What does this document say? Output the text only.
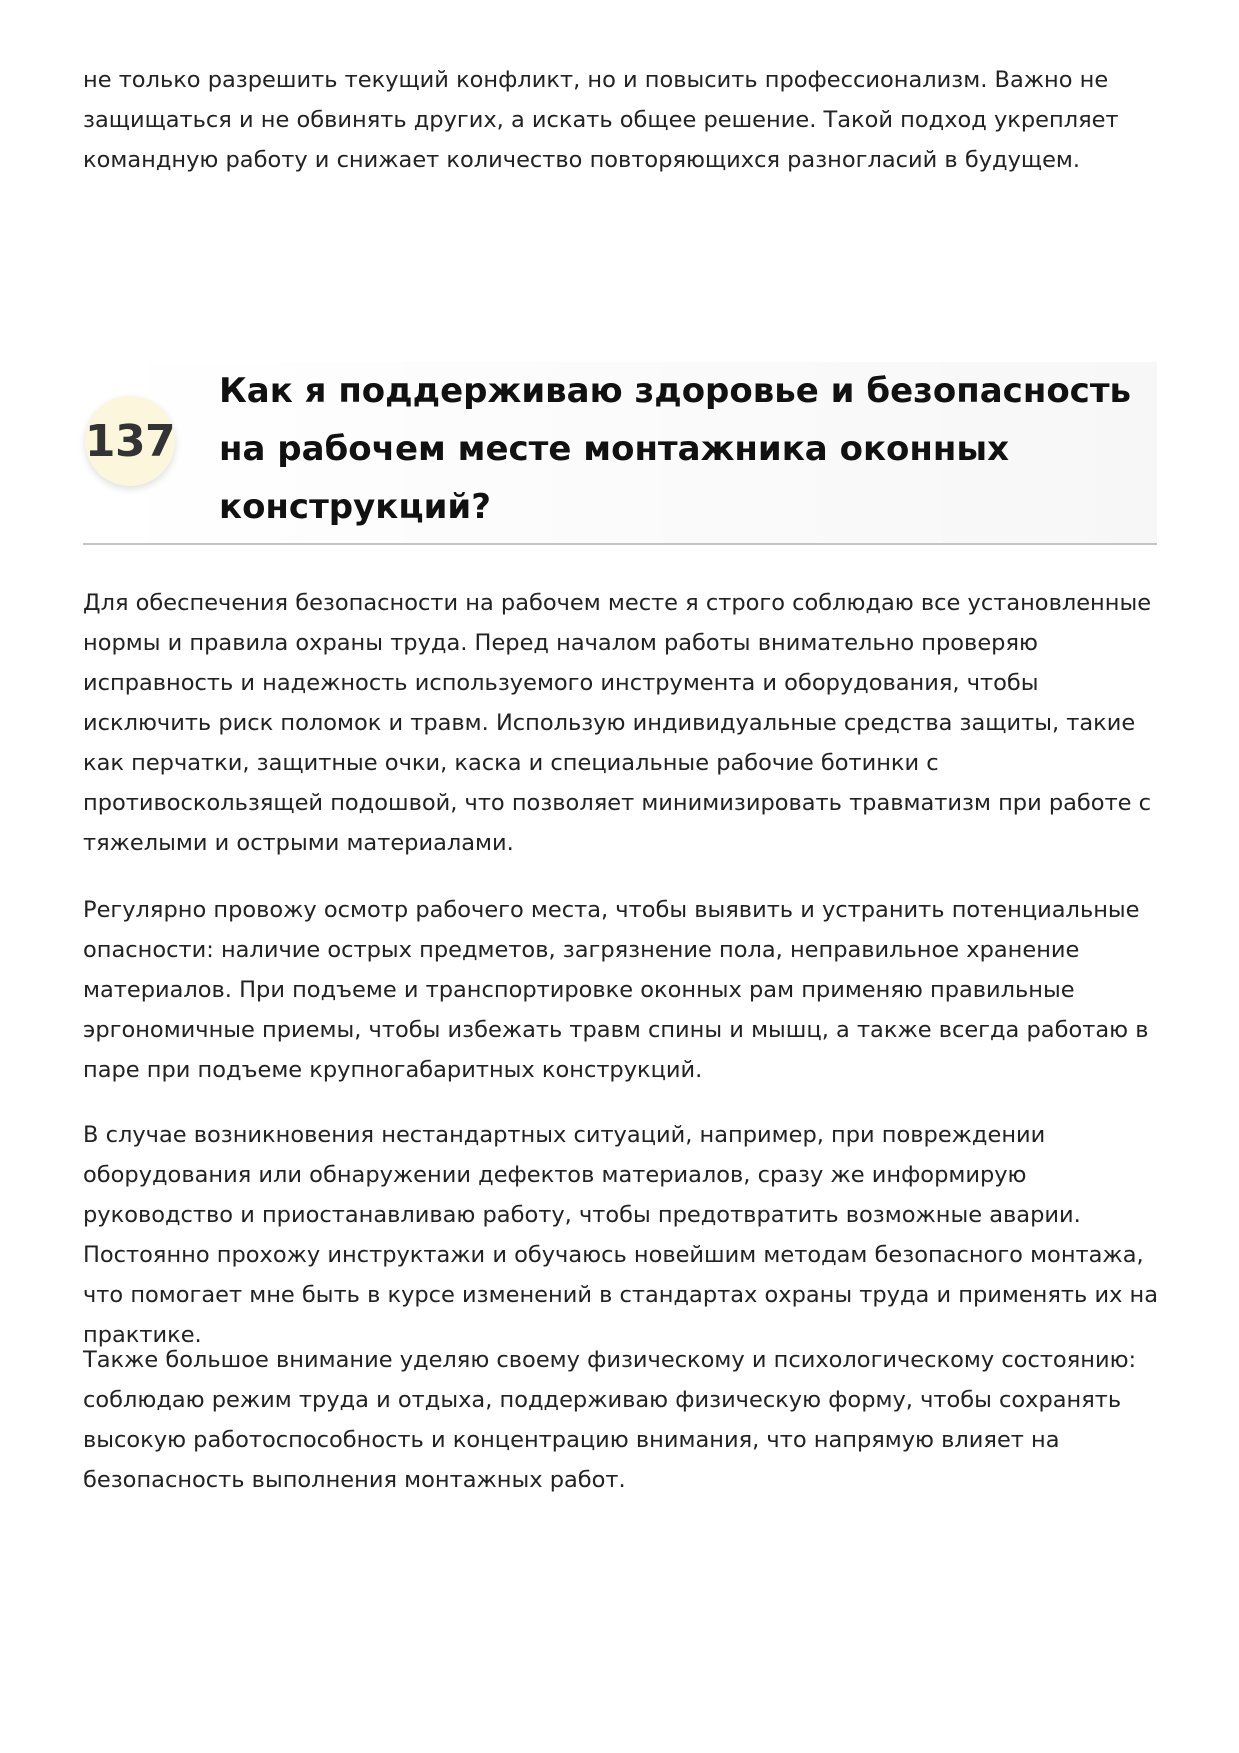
не только разрешить текущий конфликт, но и повысить профессионализм. Важно не защищаться и не обвинять других, а искать общее решение. Такой подход укрепляет командную работу и снижает количество повторяющихся разногласий в будущем.

137
Как я поддерживаю здоровье и безопасность на рабочем месте монтажника оконных конструкций?

Для обеспечения безопасности на рабочем месте я строго соблюдаю все установленные нормы и правила охраны труда. Перед началом работы внимательно проверяю исправность и надежность используемого инструмента и оборудования, чтобы исключить риск поломок и травм. Использую индивидуальные средства защиты, такие как перчатки, защитные очки, каска и специальные рабочие ботинки с противоскользящей подошвой, что позволяет минимизировать травматизм при работе с тяжелыми и острыми материалами.

Регулярно провожу осмотр рабочего места, чтобы выявить и устранить потенциальные опасности: наличие острых предметов, загрязнение пола, неправильное хранение материалов. При подъеме и транспортировке оконных рам применяю правильные эргономичные приемы, чтобы избежать травм спины и мышц, а также всегда работаю в паре при подъеме крупногабаритных конструкций.

В случае возникновения нестандартных ситуаций, например, при повреждении оборудования или обнаружении дефектов материалов, сразу же информирую руководство и приостанавливаю работу, чтобы предотвратить возможные аварии. Постоянно прохожу инструктажи и обучаюсь новейшим методам безопасного монтажа, что помогает мне быть в курсе изменений в стандартах охраны труда и применять их на практике.

Также большое внимание уделяю своему физическому и психологическому состоянию: соблюдаю режим труда и отдыха, поддерживаю физическую форму, чтобы сохранять высокую работоспособность и концентрацию внимания, что напрямую влияет на безопасность выполнения монтажных работ.
